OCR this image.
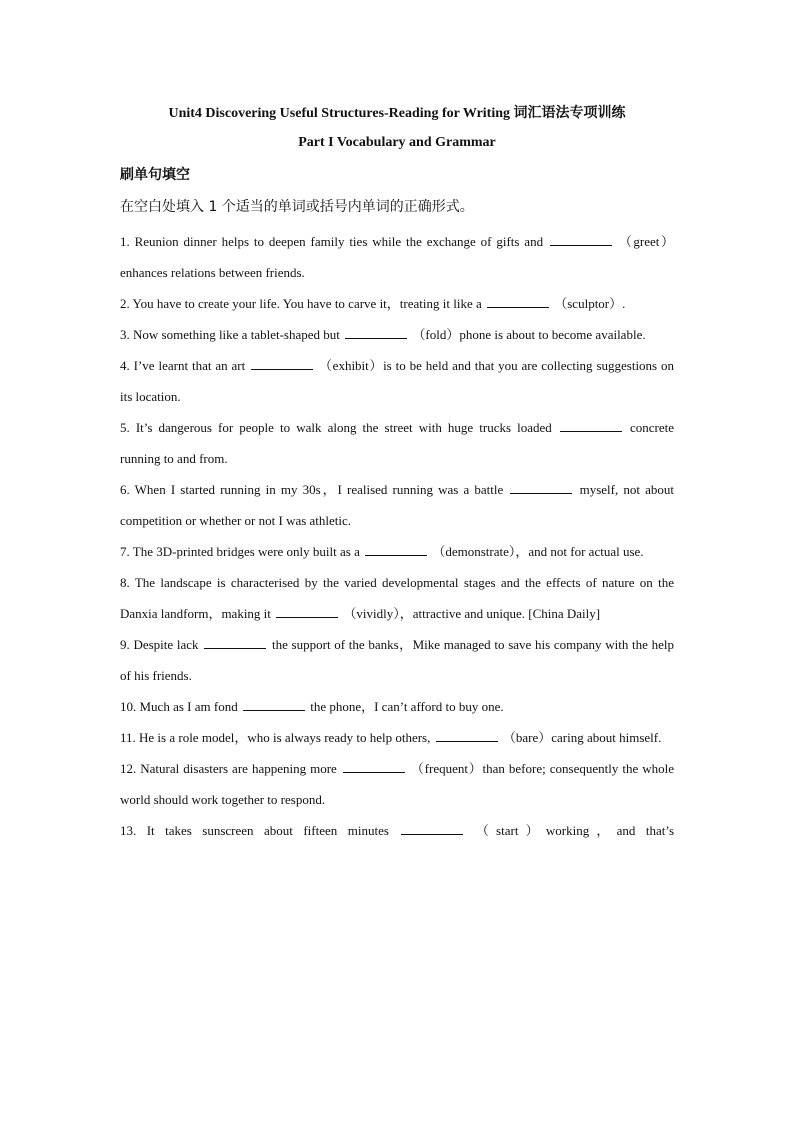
Unit4 Discovering Useful Structures-Reading for Writing 词汇语法专项训练
Part I Vocabulary and Grammar
刷单句填空
在空白处填入 1 个适当的单词或括号内单词的正确形式。

1. Reunion dinner helps to deepen family ties while the exchange of gifts and	（greet）enhances relations between friends.

2. You have to create your life. You have to carve it，treating it like a	（sculptor）.

3. Now something like a tablet-shaped but	（fold）phone is about to become available.

4. I’ve learnt that an art	（exhibit）is to be held and that you are collecting suggestions on its location.

5. It’s dangerous for people to walk along the street with huge trucks loaded	concrete running to and from.

6. When I started running in my 30s，I realised running was a battle	myself, not about competition or whether or not I was athletic.

7. The 3D-printed bridges were only built as a	（demonstrate），and not for actual use.

8. The landscape is characterised by the varied developmental stages and the effects of nature on the Danxia landform，making it	（vividly），attractive and unique. [China Daily]

9. Despite lack	the support of the banks，Mike managed to save his company with the help of his friends.

10. Much as I am fond	the phone，I can’t afford to buy one.

11. He is a role model，who is always ready to help others,	（bare）caring about himself.

12. Natural disasters are happening more	（frequent）than before; consequently the whole world should work together to respond.

13. It takes sunscreen about fifteen minutes	（start）working，and that’s
